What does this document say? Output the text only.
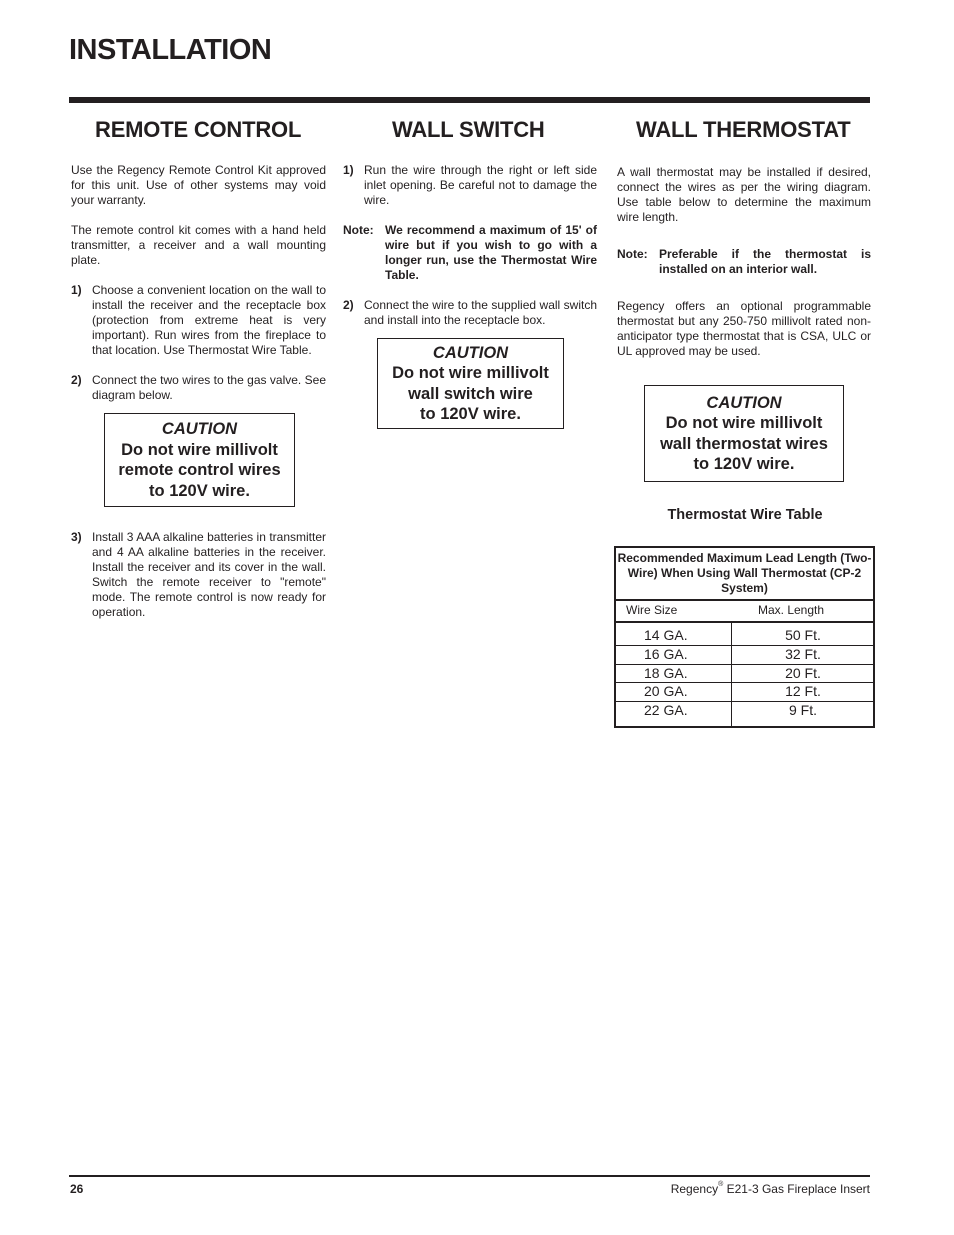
INSTALLATION
REMOTE CONTROL

Use the Regency Remote Control Kit approved for this unit. Use of other systems may void your warranty.

The remote control kit comes with a hand held transmitter, a receiver and a wall mounting plate.

1) Choose a convenient location on the wall to install the receiver and the receptacle box (protection from extreme heat is very important). Run wires from the fireplace to that location. Use Thermostat Wire Table.
2) Connect the two wires to the gas valve. See diagram below.
CAUTION
Do not wire millivolt
remote control wires
to 120V wire.
3) Install 3 AAA alkaline batteries in transmitter and 4 AA alkaline batteries in the receiver. Install the receiver and its cover in the wall. Switch the remote receiver to "remote" mode. The remote control is now ready for operation.
WALL SWITCH
1) Run the wire through the right or left side inlet opening. Be careful not to damage the wire.
Note: We recommend a maximum of 15' of wire but if you wish to go with a longer run, use the Thermostat Wire Table.
2) Connect the wire to the supplied wall switch and install into the receptacle box.
CAUTION
Do not wire millivolt
wall switch wire
to 120V wire.
WALL THERMOSTAT

A wall thermostat may be installed if desired, connect the wires as per the wiring diagram. Use table below to determine the maximum wire length.

Note: Preferable if the thermostat is installed on an interior wall.

Regency offers an optional programmable thermostat but any 250-750 millivolt rated non-anticipator type thermostat that is CSA, ULC or UL approved may be used.

CAUTION
Do not wire millivolt
wall thermostat wires
to 120V wire.
Thermostat Wire Table
Recommended Maximum Lead Length (Two-Wire) When Using Wall Thermostat (CP-2 System)
Wire Size	Max. Length
14 GA.	50 Ft.
16 GA.	32 Ft.
18 GA.	20 Ft.
20 GA.	12 Ft.
22 GA.	9 Ft.
26	Regency® E21-3 Gas Fireplace Insert
